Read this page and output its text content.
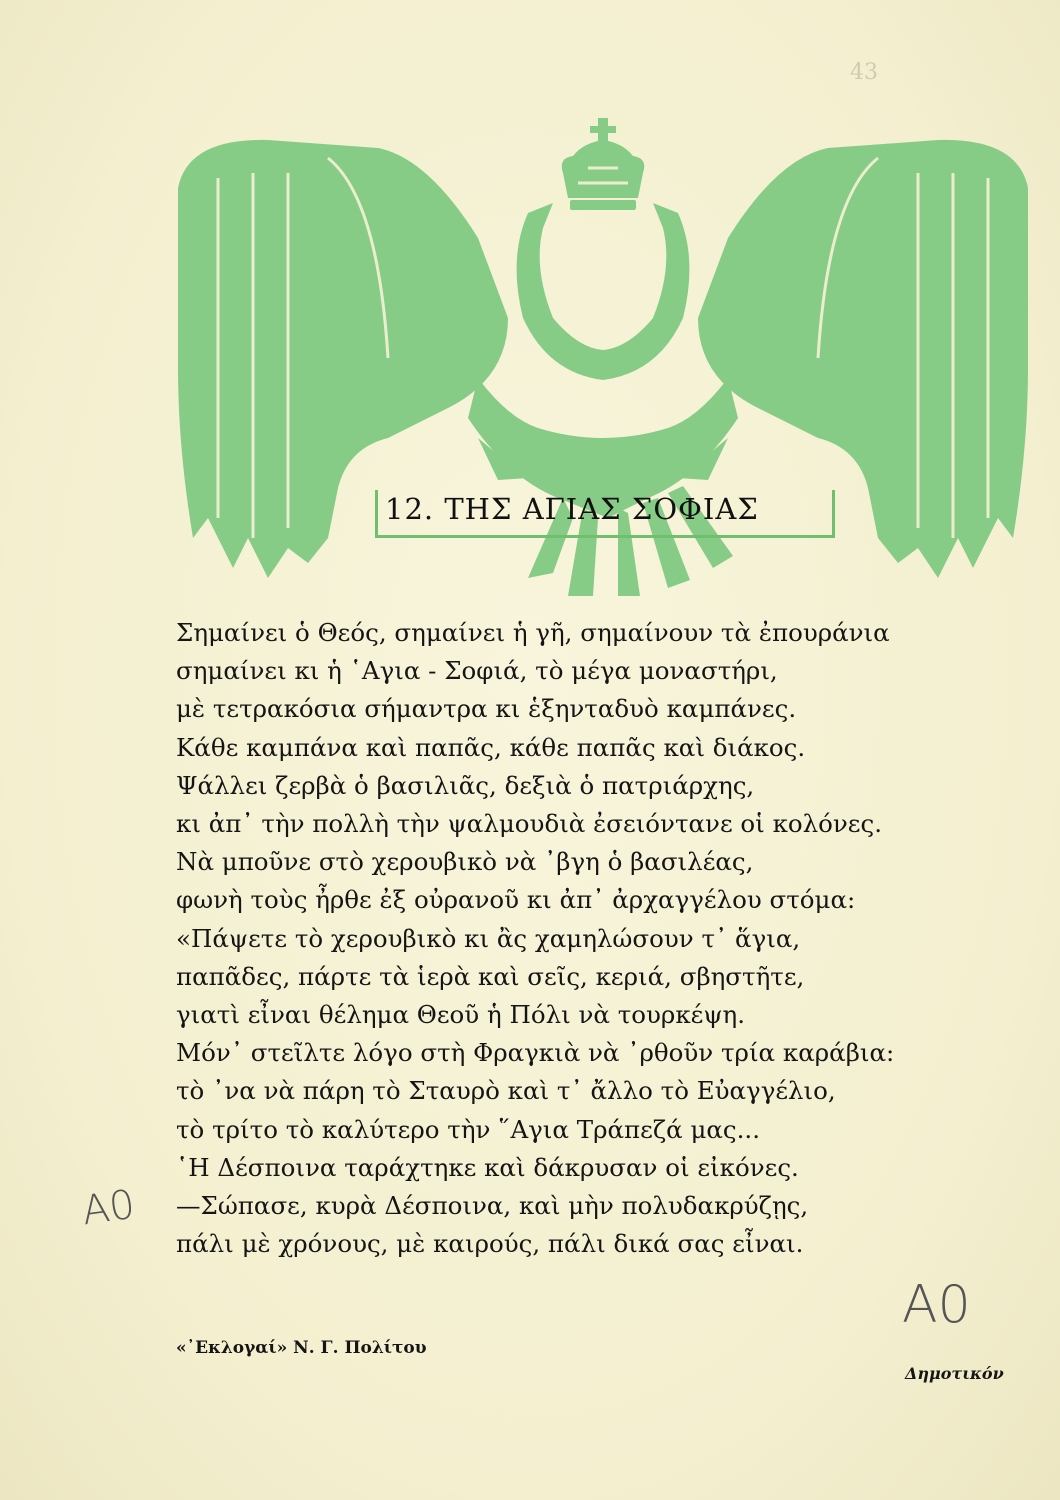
43
12. ΤΗΣ ΑΓΙΑΣ ΣΟΦΙΑΣ
Σημαίνει ὁ Θεός, σημαίνει ἡ γῆ, σημαίνουν τὰ ἐπουράνια
σημαίνει κι ἡ ῾Αγια - Σοφιά, τὸ μέγα μοναστήρι,
μὲ τετρακόσια σήμαντρα κι ἑξηνταδυὸ καμπάνες.
Κάθε καμπάνα καὶ παπᾶς, κάθε παπᾶς καὶ διάκος.
Ψάλλει ζερβὰ ὁ βασιλιᾶς, δεξιὰ ὁ πατριάρχης,
κι ἀπ᾽ τὴν πολλὴ τὴν ψαλμουδιὰ ἐσειόντανε οἱ κολόνες.
Νὰ μποῦνε στὸ χερουβικὸ νὰ ᾽βγη ὁ βασιλέας,
φωνὴ τοὺς ἦρθε ἐξ οὐρανοῦ κι ἀπ᾽ ἀρχαγγέλου στόμα:
«Πάψετε τὸ χερουβικὸ κι ἂς χαμηλώσουν τ᾽ ἅγια,
παπᾶδες, πάρτε τὰ ἱερὰ καὶ σεῖς, κεριά, σβηστῆτε,
γιατὶ εἶναι θέλημα Θεοῦ ἡ Πόλι νὰ τουρκέψη.
Μόν᾽ στεῖλτε λόγο στὴ Φραγκιὰ νὰ ᾽ρθοῦν τρία καράβια:
τὸ ᾽να νὰ πάρη τὸ Σταυρὸ καὶ τ᾽ ἄλλο τὸ Εὐαγγέλιο,
τὸ τρίτο τὸ καλύτερο τὴν ῞Αγια Τράπεζά μας...
῾Η Δέσποινα ταράχτηκε καὶ δάκρυσαν οἱ εἰκόνες.
—Σώπασε, κυρὰ Δέσποινα, καὶ μὴν πολυδακρύζῃς,
πάλι μὲ χρόνους, μὲ καιρούς, πάλι δικά σας εἶναι.
«᾽Εκλογαί» Ν. Γ. Πολίτου
Δημοτικόν
Α0
Α0
